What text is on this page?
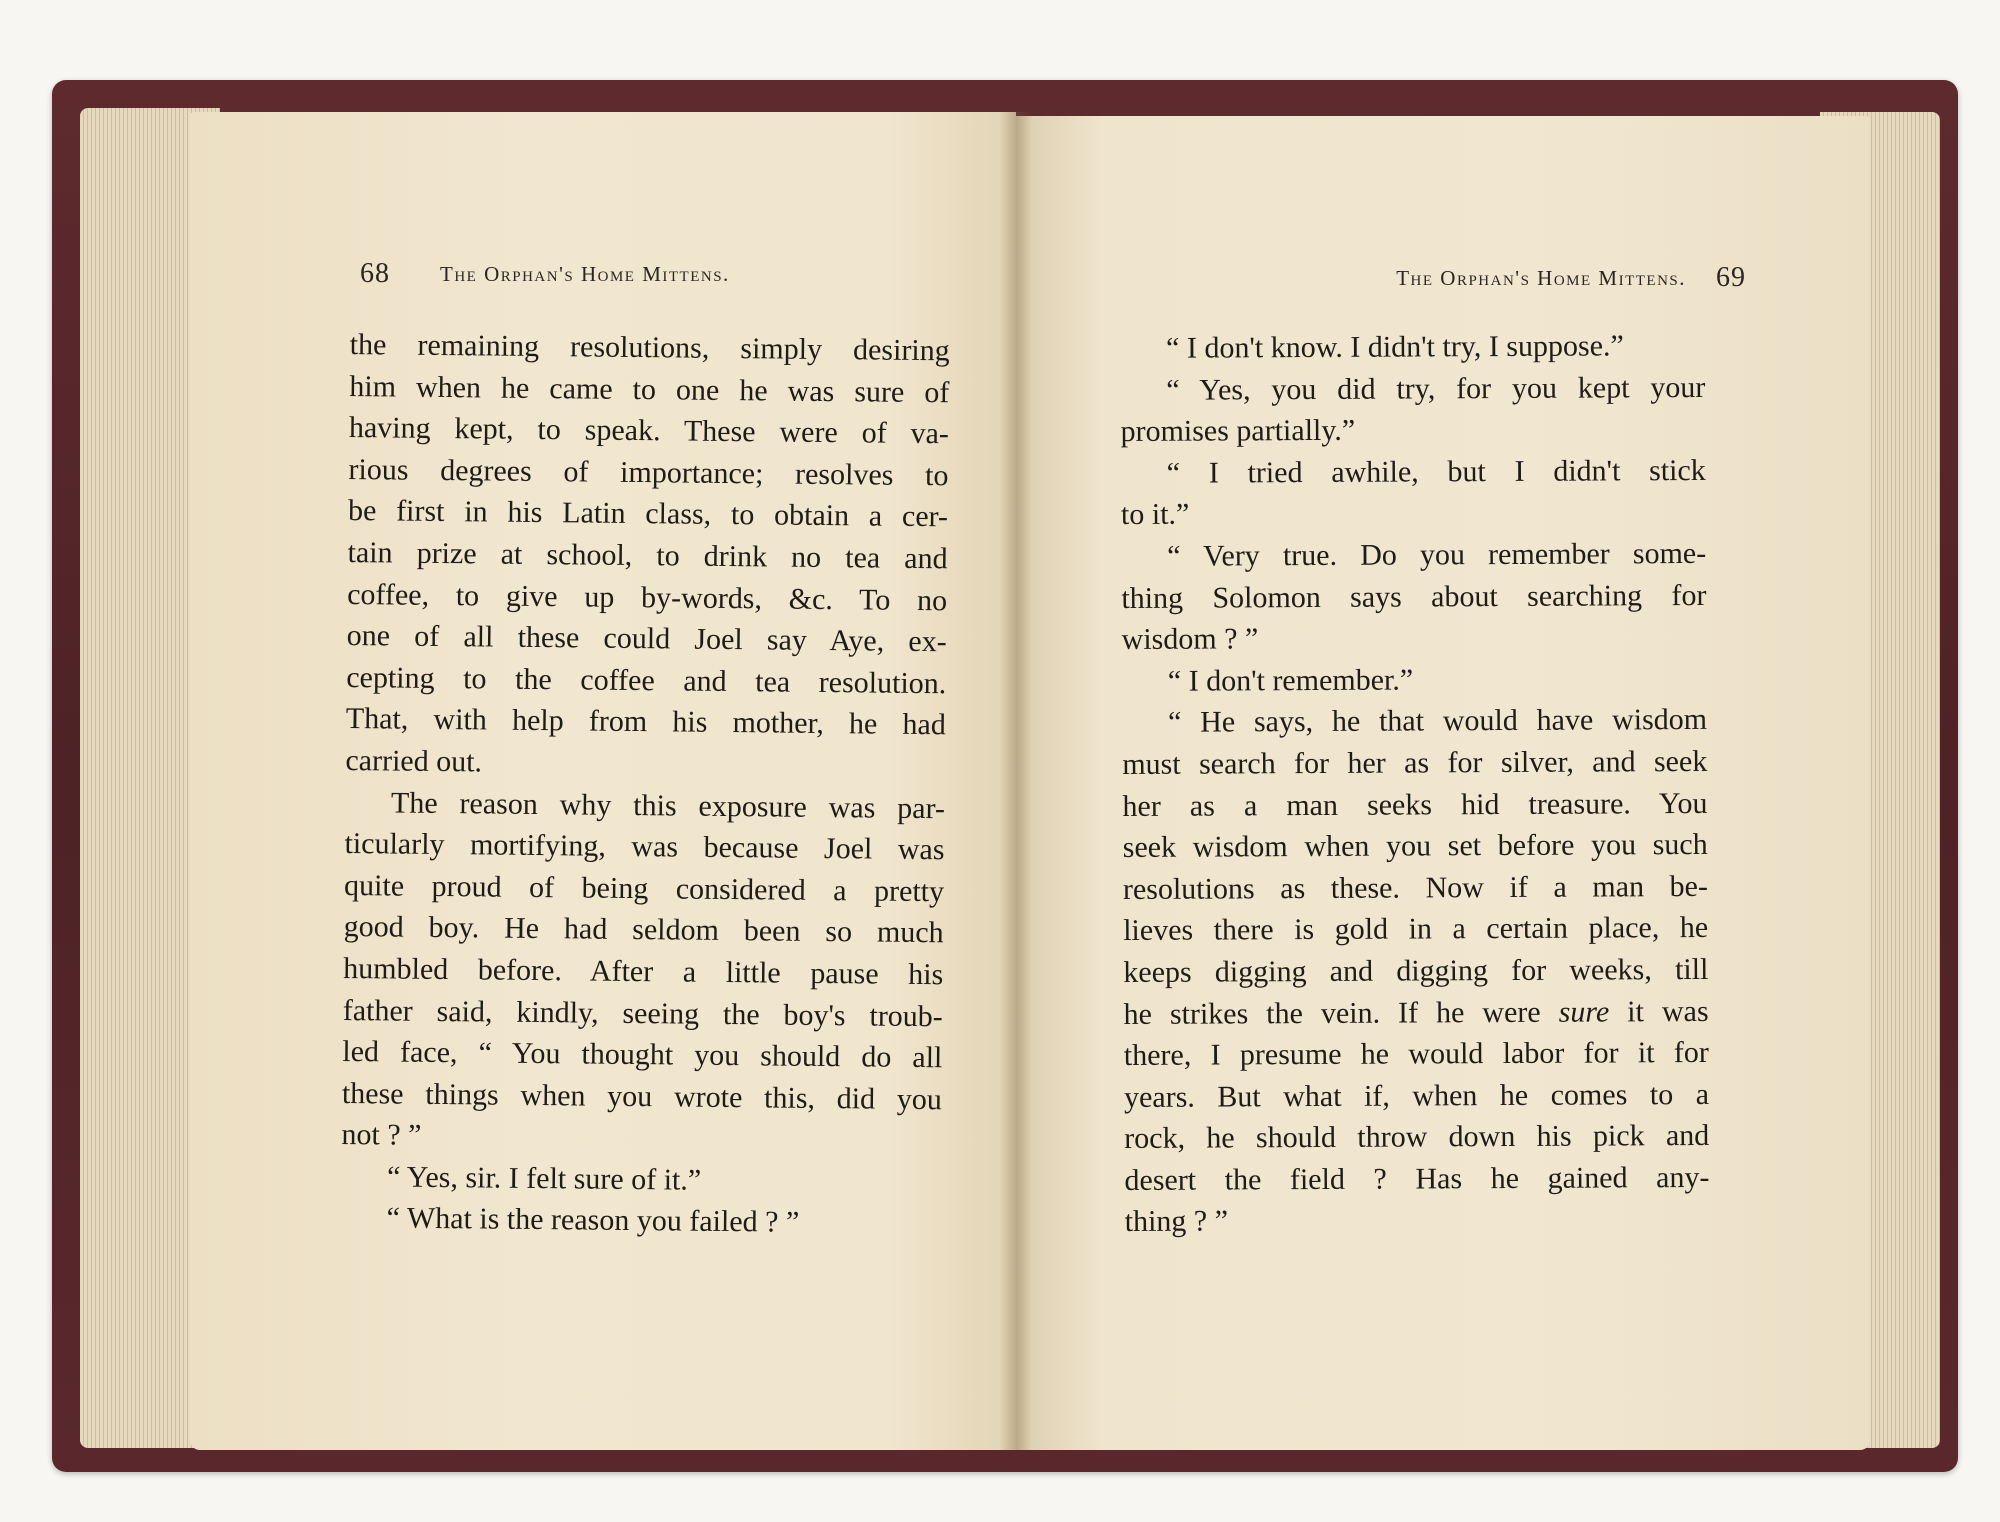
68 The Orphan's Home Mittens.
the remaining resolutions, simply desiring
him when he came to one he was sure of
having kept, to speak. These were of va-
rious degrees of importance; resolves to
be first in his Latin class, to obtain a cer-
tain prize at school, to drink no tea and
coffee, to give up by-words, &c. To no
one of all these could Joel say Aye, ex-
cepting to the coffee and tea resolution.
That, with help from his mother, he had
carried out.
The reason why this exposure was par-
ticularly mortifying, was because Joel was
quite proud of being considered a pretty
good boy. He had seldom been so much
humbled before. After a little pause his
father said, kindly, seeing the boy's troub-
led face, “ You thought you should do all
these things when you wrote this, did you
not ? ”
“ Yes, sir. I felt sure of it.”
“ What is the reason you failed ? ”
The Orphan's Home Mittens. 69
“ I don't know. I didn't try, I suppose.”
“ Yes, you did try, for you kept your
promises partially.”
“ I tried awhile, but I didn't stick
to it.”
“ Very true. Do you remember some-
thing Solomon says about searching for
wisdom ? ”
“ I don't remember.”
“ He says, he that would have wisdom
must search for her as for silver, and seek
her as a man seeks hid treasure. You
seek wisdom when you set before you such
resolutions as these. Now if a man be-
lieves there is gold in a certain place, he
keeps digging and digging for weeks, till
he strikes the vein. If he were sure it was
there, I presume he would labor for it for
years. But what if, when he comes to a
rock, he should throw down his pick and
desert the field ? Has he gained any-
thing ? ”
